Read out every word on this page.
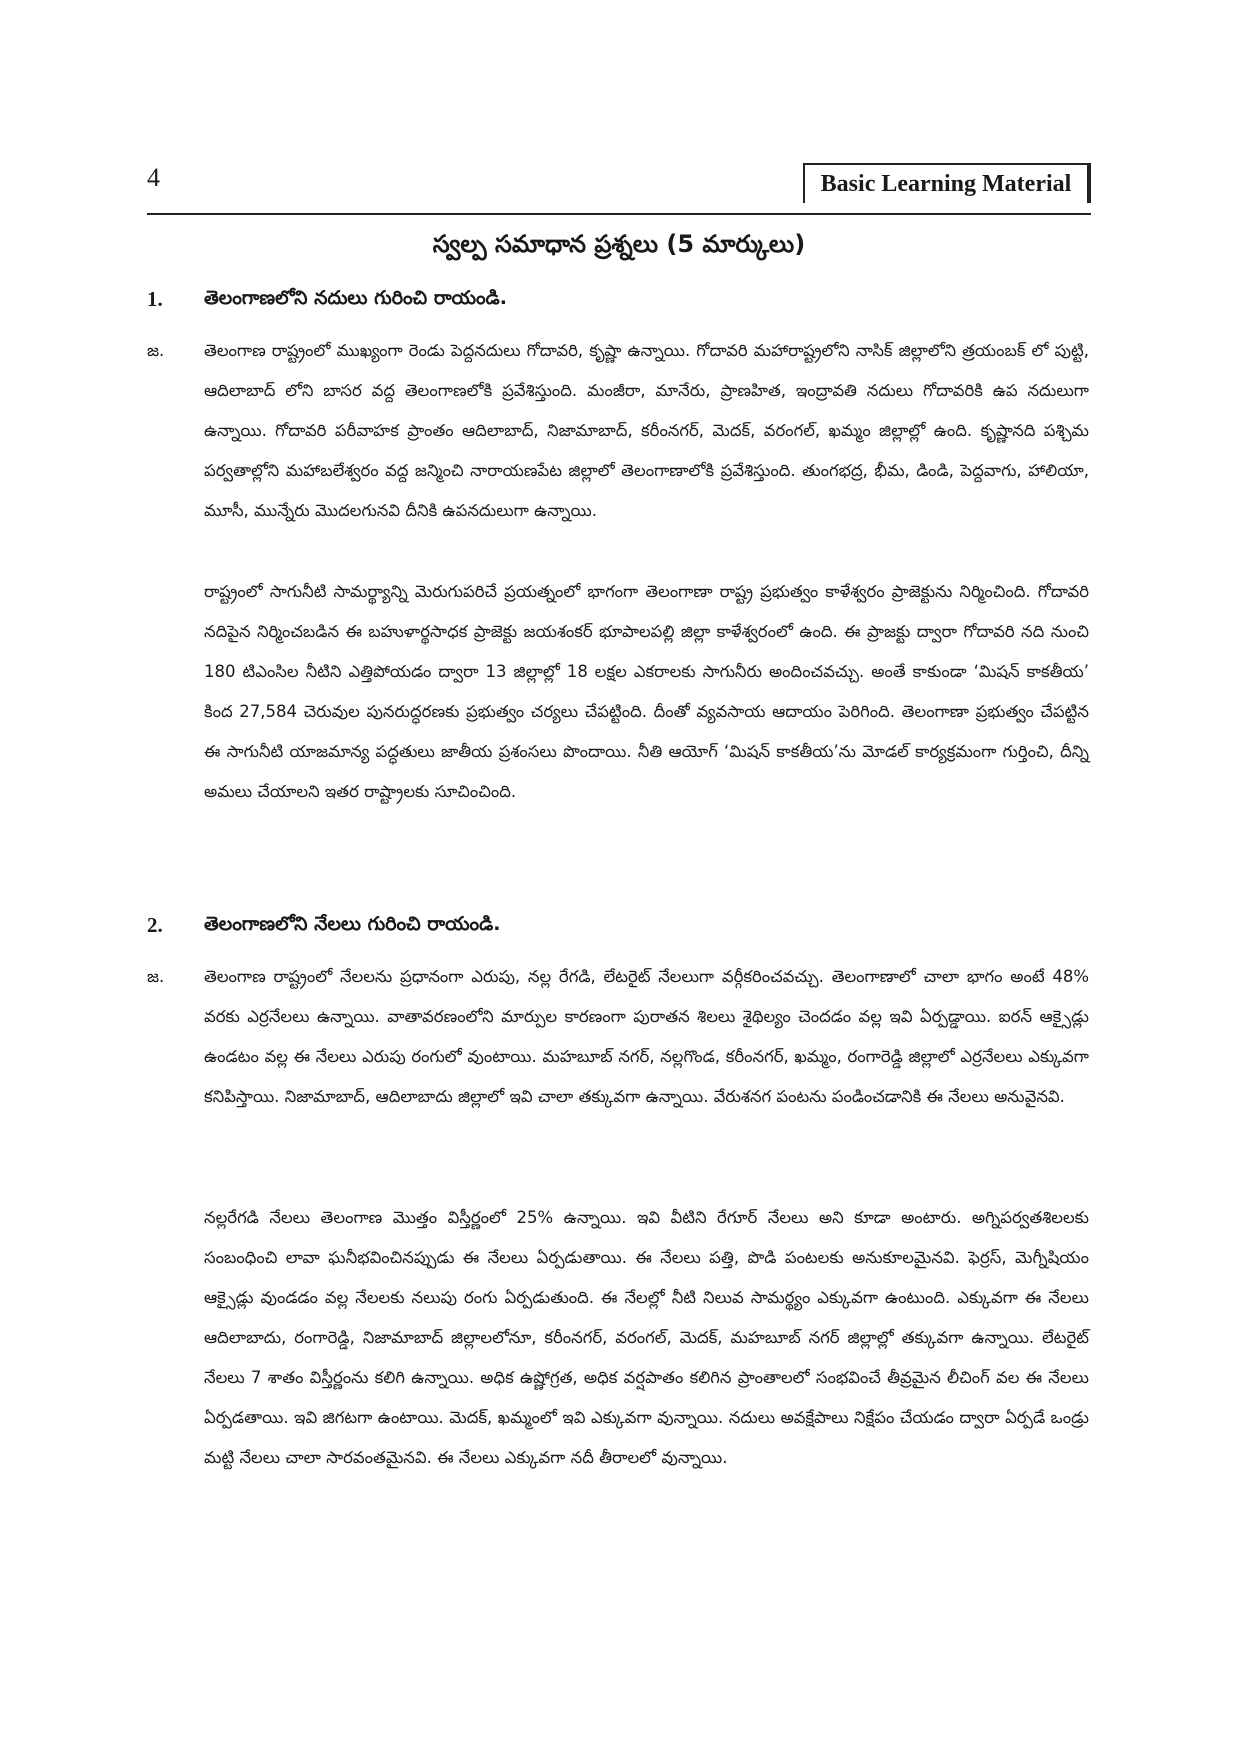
4	Basic Learning Material
స్వల్ప సమాధాన ప్రశ్నలు (5 మార్కులు)
1. తెలంగాణలోని నదులు గురించి రాయండి.
జ. తెలంగాణ రాష్ట్రంలో ముఖ్యంగా రెండు పెద్దనదులు గోదావరి, కృష్ణా ఉన్నాయి. గోదావరి మహారాష్ట్రలోని నాసిక్ జిల్లాలోని త్రయంబక్ లో పుట్టి, ఆదిలాబాద్ లోని బాసర వద్ద తెలంగాణలోకి ప్రవేశిస్తుంది. మంజీరా, మానేరు, ప్రాణహిత, ఇంద్రావతి నదులు గోదావరికి ఉప నదులుగా ఉన్నాయి. గోదావరి పరీవాహక ప్రాంతం ఆదిలాబాద్, నిజామాబాద్, కరీంనగర్, మెదక్, వరంగల్, ఖమ్మం జిల్లాల్లో ఉంది. కృష్ణానది పశ్చిమ పర్వతాల్లోని మహాబలేశ్వరం వద్ద జన్మించి నారాయణపేట జిల్లాలో తెలంగాణాలోకి ప్రవేశిస్తుంది. తుంగభద్ర, భీమ, డిండి, పెద్దవాగు, హాలియా, మూసీ, మున్నేరు మొదలగునవి దీనికి ఉపనదులుగా ఉన్నాయి.
రాష్ట్రంలో సాగునీటి సామర్థ్యాన్ని మెరుగుపరిచే ప్రయత్నంలో భాగంగా తెలంగాణా రాష్ట్ర ప్రభుత్వం కాళేశ్వరం ప్రాజెక్టును నిర్మించింది. గోదావరి నదిపైన నిర్మించబడిన ఈ బహుళార్థసాధక ప్రాజెక్టు జయశంకర్ భూపాలపల్లి జిల్లా కాళేశ్వరంలో ఉంది. ఈ ప్రాజక్టు ద్వారా గోదావరి నది నుంచి 180 టిఎంసిల నీటిని ఎత్తిపోయడం ద్వారా 13 జిల్లాల్లో 18 లక్షల ఎకరాలకు సాగునీరు అందించవచ్చు. అంతే కాకుండా ‘మిషన్ కాకతీయ’ కింద 27,584 చెరువుల పునరుద్ధరణకు ప్రభుత్వం చర్యలు చేపట్టింది. దీంతో వ్యవసాయ ఆదాయం పెరిగింది. తెలంగాణా ప్రభుత్వం చేపట్టిన ఈ సాగునీటి యాజమాన్య పద్ధతులు జాతీయ ప్రశంసలు పొందాయి. నీతి ఆయోగ్ ‘మిషన్ కాకతీయ’ను మోడల్ కార్యక్రమంగా గుర్తించి, దీన్ని అమలు చేయాలని ఇతర రాష్ట్రాలకు సూచించింది.
2. తెలంగాణలోని నేలలు గురించి రాయండి.
జ. తెలంగాణ రాష్ట్రంలో నేలలను ప్రధానంగా ఎరుపు, నల్ల రేగడి, లేటరైట్ నేలలుగా వర్గీకరించవచ్చు. తెలంగాణాలో చాలా భాగం అంటే 48% వరకు ఎర్రనేలలు ఉన్నాయి. వాతావరణంలోని మార్పుల కారణంగా పురాతన శిలలు శైథిల్యం చెందడం వల్ల ఇవి ఏర్పడ్డాయి. ఐరన్ ఆక్సైడ్లు ఉండటం వల్ల ఈ నేలలు ఎరుపు రంగులో వుంటాయి. మహబూబ్ నగర్, నల్లగొండ, కరీంనగర్, ఖమ్మం, రంగారెడ్డి జిల్లాలో ఎర్రనేలలు ఎక్కువగా కనిపిస్తాయి. నిజామాబాద్, ఆదిలాబాదు జిల్లాలో ఇవి చాలా తక్కువగా ఉన్నాయి. వేరుశనగ పంటను పండించడానికి ఈ నేలలు అనువైనవి.
నల్లరేగడి నేలలు తెలంగాణ మొత్తం విస్తీర్ణంలో 25% ఉన్నాయి. ఇవి వీటిని రేగూర్ నేలలు అని కూడా అంటారు. అగ్నిపర్వతశిలలకు సంబంధించి లావా ఘనీభవించినప్పుడు ఈ నేలలు ఏర్పడుతాయి. ఈ నేలలు పత్తి, పొడి పంటలకు అనుకూలమైనవి. ఫెర్రస్, మెగ్నీషియం ఆక్సైడ్లు వుండడం వల్ల నేలలకు నలుపు రంగు ఏర్పడుతుంది. ఈ నేలల్లో నీటి నిలువ సామర్థ్యం ఎక్కువగా ఉంటుంది. ఎక్కువగా ఈ నేలలు ఆదిలాబాదు, రంగారెడ్డి, నిజామాబాద్ జిల్లాలలోనూ, కరీంనగర్, వరంగల్, మెదక్, మహబూబ్ నగర్ జిల్లాల్లో తక్కువగా ఉన్నాయి. లేటరైట్ నేలలు 7 శాతం విస్తీర్ణంను కలిగి ఉన్నాయి. అధిక ఉష్ణోగ్రత, అధిక వర్షపాతం కలిగిన ప్రాంతాలలో సంభవించే తీవ్రమైన లీచింగ్ వల ఈ నేలలు ఏర్పడతాయి. ఇవి జిగటగా ఉంటాయి. మెదక్, ఖమ్మంలో ఇవి ఎక్కువగా వున్నాయి. నదులు అవక్షేపాలు నిక్షేపం చేయడం ద్వారా ఏర్పడే ఒండ్రు మట్టి నేలలు చాలా సారవంతమైనవి. ఈ నేలలు ఎక్కువగా నదీ తీరాలలో వున్నాయి.
